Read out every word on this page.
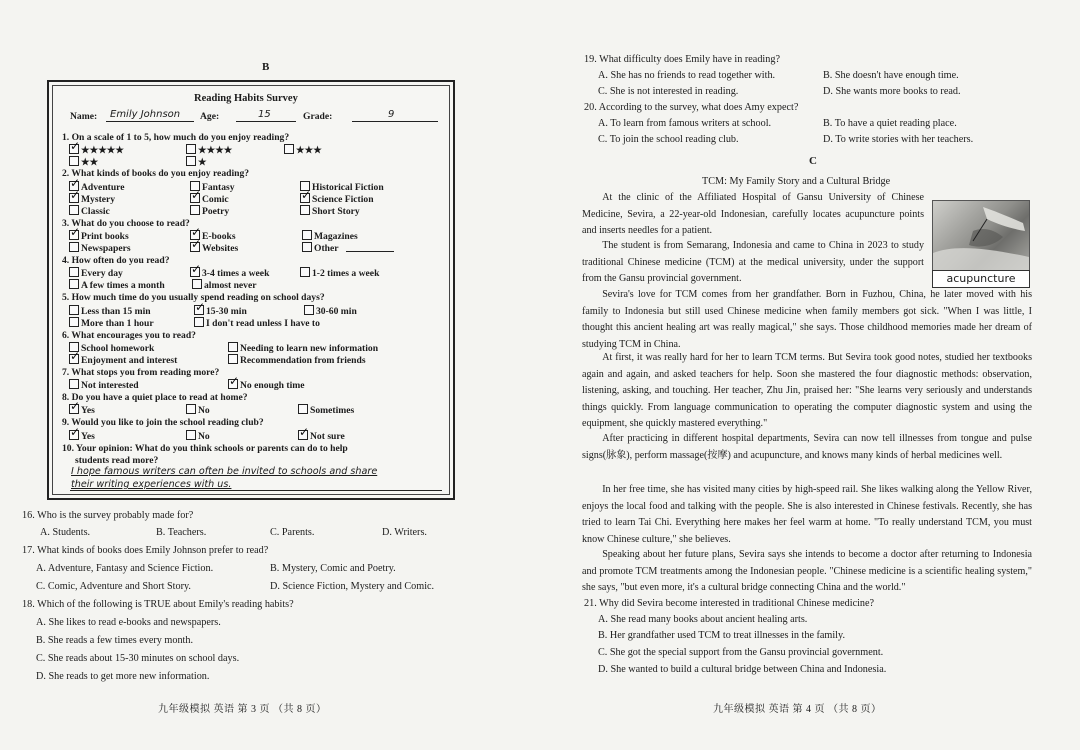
B
Reading Habits Survey
Name: Emily Johnson Age:	15	Grade:	9
1. On a scale of 1 to 5, how much do you enjoy reading?
✓★★★★★	★★★★	★★★
★★	★
2. What kinds of books do you enjoy reading?
✓Adventure	Fantasy	Historical Fiction
✓Mystery ✓	Comic ✓	Science Fiction
Classic	Poetry	Short Story
3. What do you choose to read?
✓Print books ✓	E-books	Magazines
Newspapers ✓	Websites	Other
4. How often do you read?
Every day ✓	3-4 times a week	1-2 times a week
A few times a month	almost never
5. How much time do you usually spend reading on school days?
Less than 15 min ✓	15-30 min	30-60 min
More than 1 hour	I don't read unless I have to
6. What encourages you to read?
School homework	Needing to learn new information
✓Enjoyment and interest	Recommendation from friends
7. What stops you from reading more?
Not interested ✓	No enough time
8. Do you have a quiet place to read at home?
✓Yes	No	Sometimes
9. Would you like to join the school reading club?
✓Yes	No ✓	Not sure
10. Your opinion: What do you think schools or parents can do to help
students read more?
I hope famous writers can often be invited to schools and share
their writing experiences with us.
16. Who is the survey probably made for?
A. Students.	B. Teachers.	C. Parents.	D. Writers.
17. What kinds of books does Emily Johnson prefer to read?
A. Adventure, Fantasy and Science Fiction.	B. Mystery, Comic and Poetry.
C. Comic, Adventure and Short Story.	D. Science Fiction, Mystery and Comic.
18. Which of the following is TRUE about Emily's reading habits?
A. She likes to read e-books and newspapers.
B. She reads a few times every month.
C. She reads about 15-30 minutes on school days.
D. She reads to get more new information.
九年级模拟 英语 第 3 页 （共 8 页）
19. What difficulty does Emily have in reading?
A. She has no friends to read together with.	B. She doesn't have enough time.
C. She is not interested in reading.	D. She wants more books to read.
20. According to the survey, what does Amy expect?
A. To learn from famous writers at school.	B. To have a quiet reading place.
C. To join the school reading club.	D. To write stories with her teachers.
C
TCM: My Family Story and a Cultural Bridge
At the clinic of the Affiliated Hospital of Gansu University of Chinese Medicine, Sevira, a 22-year-old Indonesian, carefully locates acupuncture points and inserts needles for a patient.
acupuncture
The student is from Semarang, Indonesia and came to China in 2023 to study traditional Chinese medicine (TCM) at the medical university, under the support from the Gansu provincial government.
Sevira's love for TCM comes from her grandfather. Born in Fuzhou, China, he later moved with his family to Indonesia but still used Chinese medicine when family members got sick. "When I was little, I thought this ancient healing art was really magical," she says. Those childhood memories made her dream of studying TCM in China.
At first, it was really hard for her to learn TCM terms. But Sevira took good notes, studied her textbooks again and again, and asked teachers for help. Soon she mastered the four diagnostic methods: observation, listening, asking, and touching. Her teacher, Zhu Jin, praised her: "She learns very seriously and understands things quickly. From language communication to operating the computer diagnostic system and using the equipment, she quickly mastered everything."
After practicing in different hospital departments, Sevira can now tell illnesses from tongue and pulse signs(脉象), perform massage(按摩) and acupuncture, and knows many kinds of herbal medicines well.
In her free time, she has visited many cities by high-speed rail. She likes walking along the Yellow River, enjoys the local food and talking with the people. She is also interested in Chinese festivals. Recently, she has tried to learn Tai Chi. Everything here makes her feel warm at home. "To really understand TCM, you must know Chinese culture," she believes.
Speaking about her future plans, Sevira says she intends to become a doctor after returning to Indonesia and promote TCM treatments among the Indonesian people. "Chinese medicine is a scientific healing system," she says, "but even more, it's a cultural bridge connecting China and the world."
21. Why did Sevira become interested in traditional Chinese medicine?
A. She read many books about ancient healing arts.
B. Her grandfather used TCM to treat illnesses in the family.
C. She got the special support from the Gansu provincial government.
D. She wanted to build a cultural bridge between China and Indonesia.
九年级模拟 英语 第 4 页 （共 8 页）
